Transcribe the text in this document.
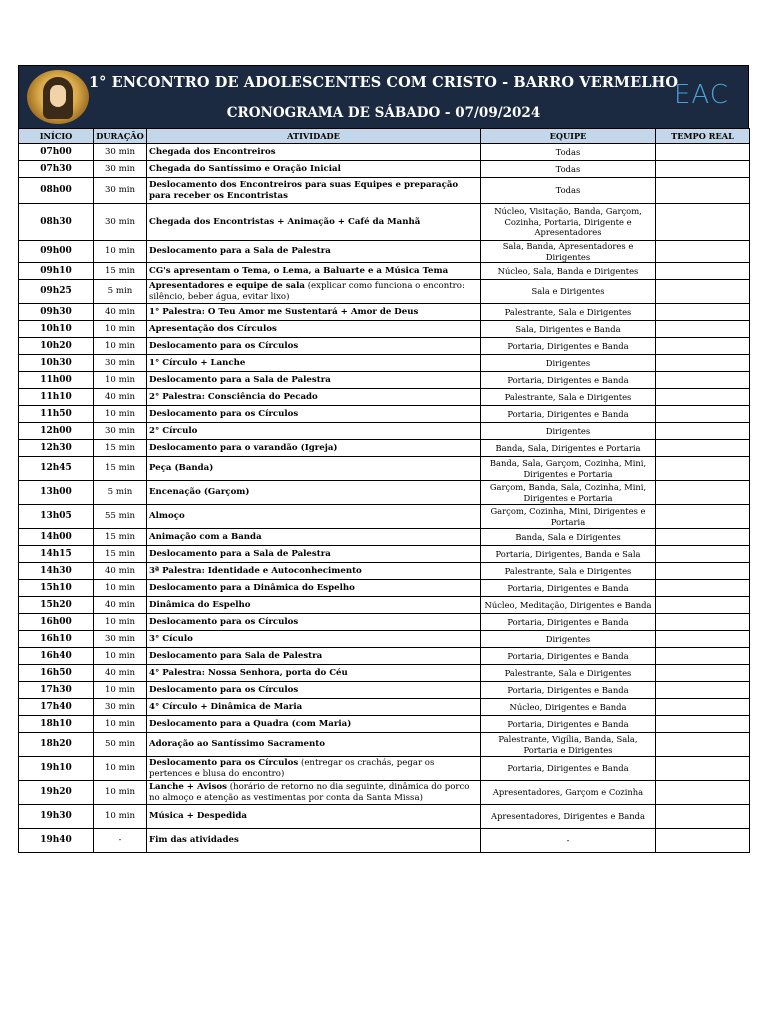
1° ENCONTRO DE ADOLESCENTES COM CRISTO - BARRO VERMELHO
CRONOGRAMA DE SÁBADO - 07/09/2024
EAC
INÍCIO	DURAÇÃO	ATIVIDADE	EQUIPE	TEMPO REAL
07h00	30 min	Chegada dos Encontreiros	Todas	
07h30	30 min	Chegada do Santíssimo e Oração Inicial	Todas	
08h00	30 min	Deslocamento dos Encontreiros para suas Equipes e preparação para receber os Encontristas	Todas	
08h30	30 min	Chegada dos Encontristas + Animação + Café da Manhã	Núcleo, Visitação, Banda, Garçom, Cozinha, Portaria, Dirigente e Apresentadores	
09h00	10 min	Deslocamento para a Sala de Palestra	Sala, Banda, Apresentadores e Dirigentes	
09h10	15 min	CG's apresentam o Tema, o Lema, a Baluarte e a Música Tema	Núcleo, Sala, Banda e Dirigentes	
09h25	5 min	Apresentadores e equipe de sala (explicar como funciona o encontro: silêncio, beber água, evitar lixo)	Sala e Dirigentes	
09h30	40 min	1° Palestra: O Teu Amor me Sustentará + Amor de Deus	Palestrante, Sala e Dirigentes	
10h10	10 min	Apresentação dos Círculos	Sala, Dirigentes e Banda	
10h20	10 min	Deslocamento para os Círculos	Portaria, Dirigentes e Banda	
10h30	30 min	1° Círculo + Lanche	Dirigentes	
11h00	10 min	Deslocamento para a Sala de Palestra	Portaria, Dirigentes e Banda	
11h10	40 min	2° Palestra: Consciência do Pecado	Palestrante, Sala e Dirigentes	
11h50	10 min	Deslocamento para os Círculos	Portaria, Dirigentes e Banda	
12h00	30 min	2° Círculo	Dirigentes	
12h30	15 min	Deslocamento para o varandão (Igreja)	Banda, Sala, Dirigentes e Portaria	
12h45	15 min	Peça (Banda)	Banda, Sala, Garçom, Cozinha, Mini, Dirigentes e Portaria	
13h00	5 min	Encenação (Garçom)	Garçom, Banda, Sala, Cozinha, Mini, Dirigentes e Portaria	
13h05	55 min	Almoço	Garçom, Cozinha, Mini, Dirigentes e Portaria	
14h00	15 min	Animação com a Banda	Banda, Sala e Dirigentes	
14h15	15 min	Deslocamento para a Sala de Palestra	Portaria, Dirigentes, Banda e Sala	
14h30	40 min	3ª Palestra: Identidade e Autoconhecimento	Palestrante, Sala e Dirigentes	
15h10	10 min	Deslocamento para a Dinâmica do Espelho	Portaria, Dirigentes e Banda	
15h20	40 min	Dinâmica do Espelho	Núcleo, Meditação, Dirigentes e Banda	
16h00	10 min	Deslocamento para os Círculos	Portaria, Dirigentes e Banda	
16h10	30 min	3° Cículo	Dirigentes	
16h40	10 min	Deslocamento para Sala de Palestra	Portaria, Dirigentes e Banda	
16h50	40 min	4° Palestra: Nossa Senhora, porta do Céu	Palestrante, Sala e Dirigentes	
17h30	10 min	Deslocamento para os Círculos	Portaria, Dirigentes e Banda	
17h40	30 min	4° Círculo + Dinâmica de Maria	Núcleo, Dirigentes e Banda	
18h10	10 min	Deslocamento para a Quadra (com Maria)	Portaria, Dirigentes e Banda	
18h20	50 min	Adoração ao Santíssimo Sacramento	Palestrante, Vigília, Banda, Sala, Portaria e Dirigentes	
19h10	10 min	Deslocamento para os Círculos (entregar os crachás, pegar os pertences e blusa do encontro)	Portaria, Dirigentes e Banda	
19h20	10 min	Lanche + Avisos (horário de retorno no dia seguinte, dinâmica do porco no almoço e atenção as vestimentas por conta da Santa Missa)	Apresentadores, Garçom e Cozinha	
19h30	10 min	Música + Despedida	Apresentadores, Dirigentes e Banda	
19h40	-	Fim das atividades	-	
